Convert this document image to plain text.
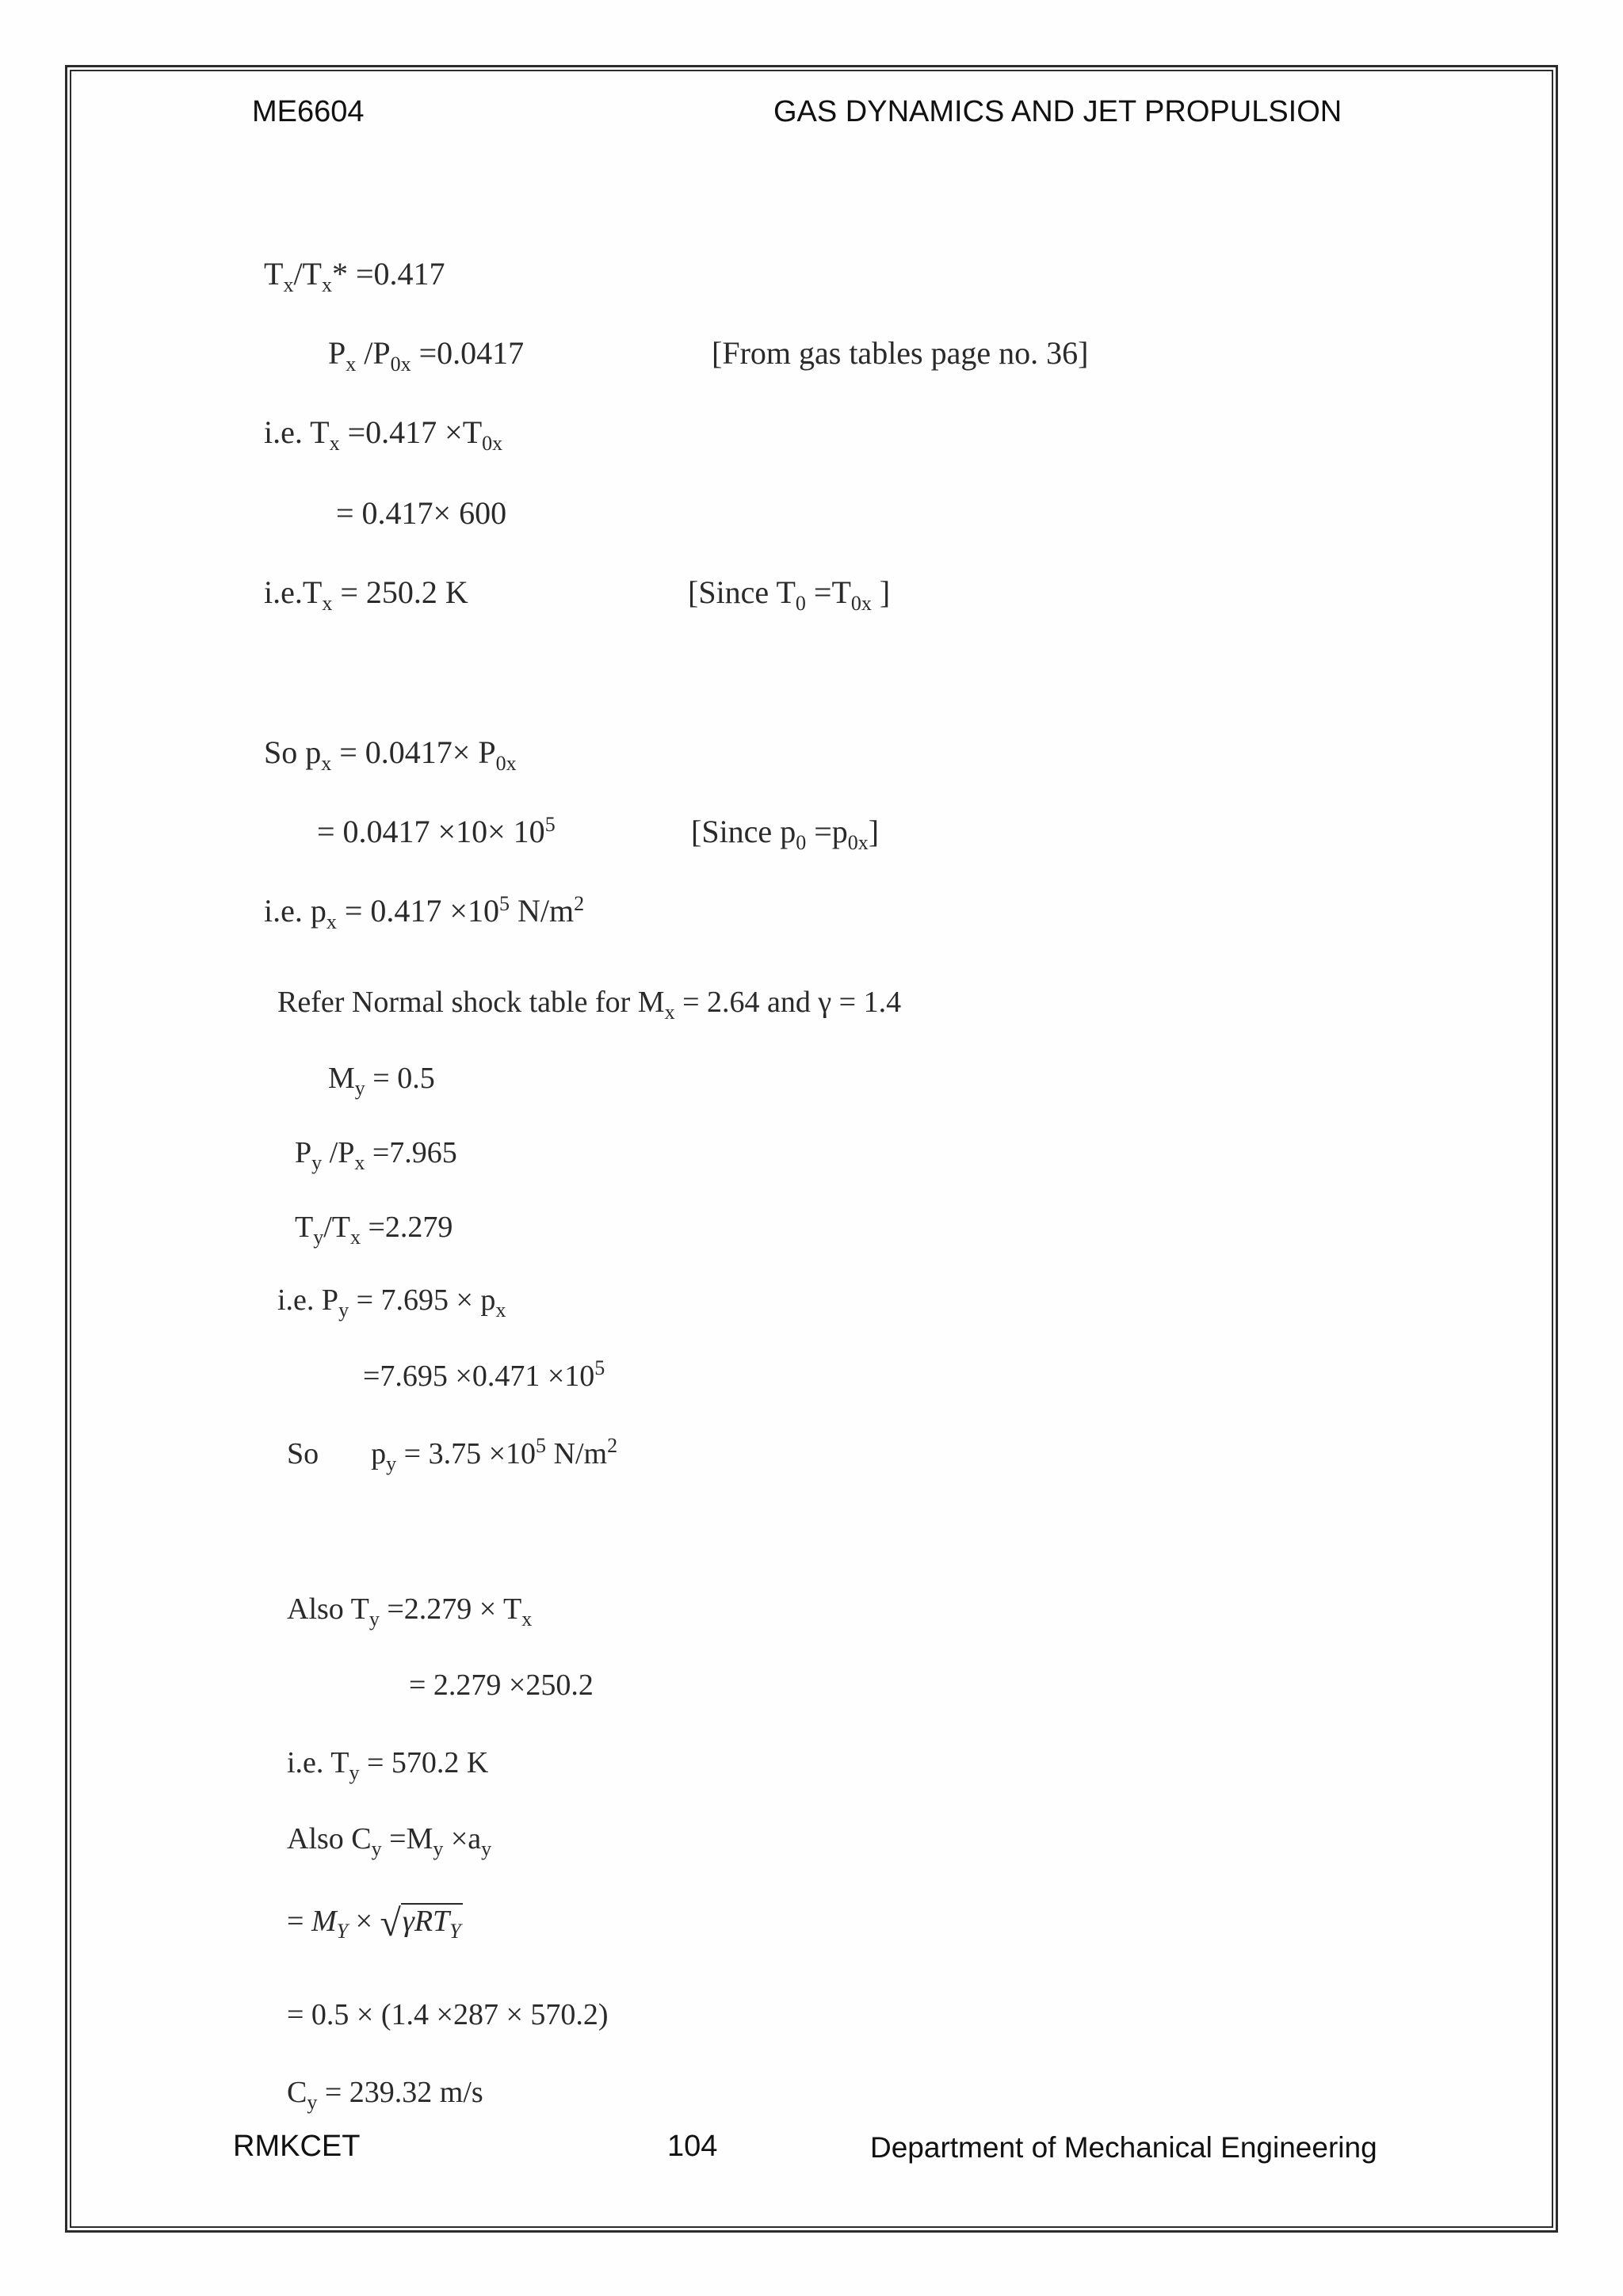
ME6604	GAS DYNAMICS AND JET PROPULSION
$T_x/T_x* =0.417$
$P_x$ $/P_{0x} =0.0417$	[From gas tables page no. 36]
i.e. $T_x =0.417 \times T_{0x}$
= 0.417× 600
$i.e.T_x = 250.2$ K	[Since $T_0 =T_{0x}$ ]
So $p_x = 0.0417\times P_{0x}$
= $0.0417 \times 10\times 10^5$	[Since $p_0 =p_{0x}$]
i.e. $p_x = 0.417 \times 10^5$ $N/m^2$
Refer Normal shock table for $M_x = 2.64$ and γ = 1.4
$M_y = 0.5$
$P_y$ $/P_x =7.965$
$T_y/T_x =2.279$
i.e. $P_y = 7.695 \times p_x$
$=7.695 \times 0.471 \times 10^5$
So $p_y = 3.75 \times 10^5$ $N/m^2$
Also $T_y =2.279 \times T_x$
= 2.279 ×250.2
i.e. $T_y = 570.2$ K
Also $C_y =M_y \times a_y$
= $M_Y \times √\gamma RT_Y$
= 0.5 × (1.4 ×287 × 570.2)
$C_y = 239.32$ m/s
RMKCET	104	Department of Mechanical Engineering
